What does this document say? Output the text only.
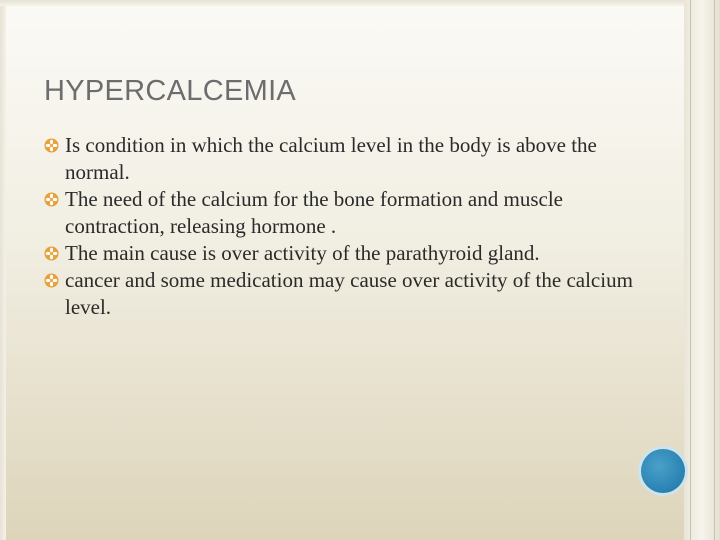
HYPERCALCEMIA
Is condition in which the calcium level in the body is above the normal.
The need of the calcium for the bone formation and muscle contraction, releasing hormone .
The main cause is over activity of the parathyroid gland.
cancer and some medication may cause over activity of the calcium level.
